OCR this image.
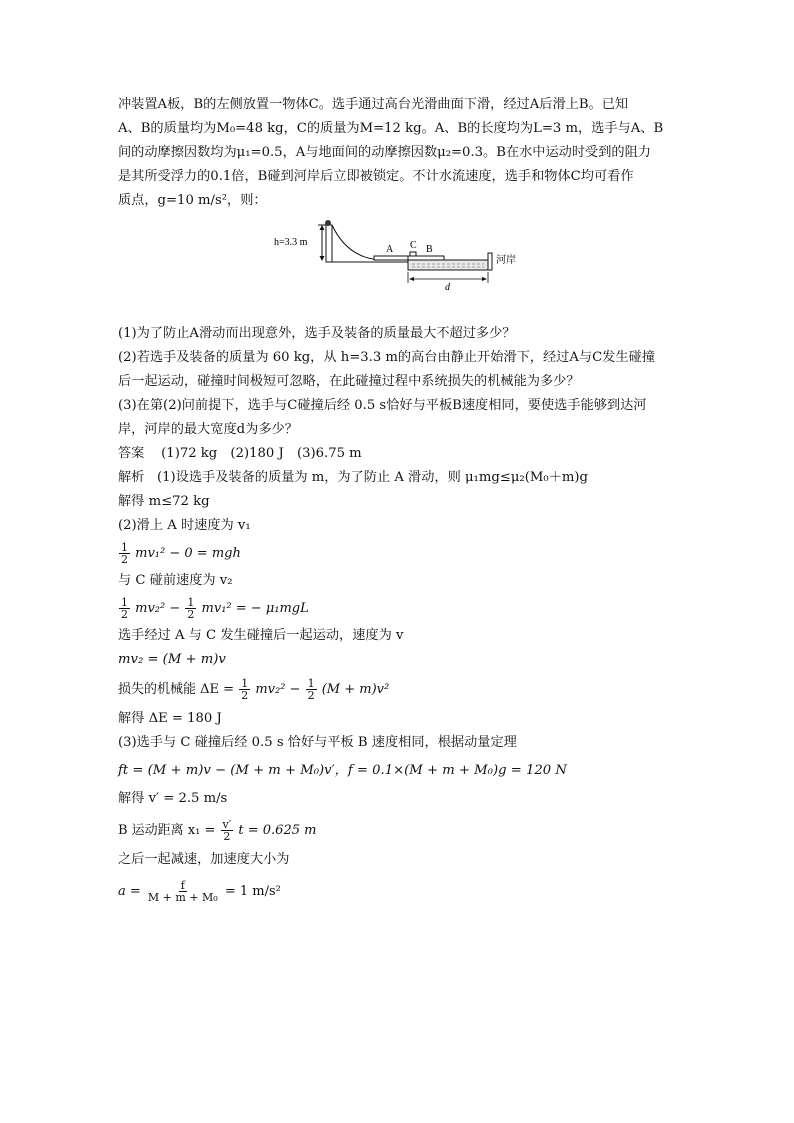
冲装置A板，B的左侧放置一物体C。选手通过高台光滑曲面下滑，经过A后滑上B。已知

A、B的质量均为M₀=48 kg，C的质量为M=12 kg。A、B的长度均为L=3 m，选手与A、B

间的动摩擦因数均为μ₁=0.5，A与地面间的动摩擦因数μ₂=0.3。B在水中运动时受到的阻力

是其所受浮力的0.1倍，B碰到河岸后立即被锁定。不计水流速度，选手和物体C均可看作

质点，g=10 m/s²，则：

h=3.3 m
A C B
河岸
d

(1)为了防止A滑动而出现意外，选手及装备的质量最大不超过多少？

(2)若选手及装备的质量为 60 kg，从 h=3.3 m的高台由静止开始滑下，经过A与C发生碰撞

后一起运动，碰撞时间极短可忽略，在此碰撞过程中系统损失的机械能为多少？

(3)在第(2)问前提下，选手与C碰撞后经 0.5 s恰好与平板B速度相同，要使选手能够到达河

岸，河岸的最大宽度d为多少？

答案 (1)72 kg　(2)180 J　(3)6.75 m

解析 (1)设选手及装备的质量为 m，为了防止 A 滑动，则 μ₁mg≤μ₂(M₀＋m)g

解得 m≤72 kg

(2)滑上 A 时速度为 v₁

$\frac{1}{2} mv_1^2 - 0$ = mgh

与 C 碰前速度为 v₂

$\frac{1}{2} mv_2^2 - \frac{1}{2} mv_1^2$ = − μ₁mgL

选手经过 A 与 C 发生碰撞后一起运动，速度为 v

mv₂ = (M + m)v

损失的机械能 $\Delta E = \frac{1}{2} mv_2^2 - \frac{1}{2} (M + m)v^2$

解得 ΔE = 180 J

(3)选手与 C 碰撞后经 0.5 s 恰好与平板 B 速度相同，根据动量定理

ft = (M + m)v − (M + m + M₀)v′，f = 0.1×(M + m + M₀)g = 120 N

解得 v′ = 2.5 m/s

B 运动距离 $x_1 = \frac{v'}{2}$ t = 0.625 m

之后一起减速，加速度大小为

$a = \frac{f}{\text{M + m + M₀}} = 1$ m/s²
